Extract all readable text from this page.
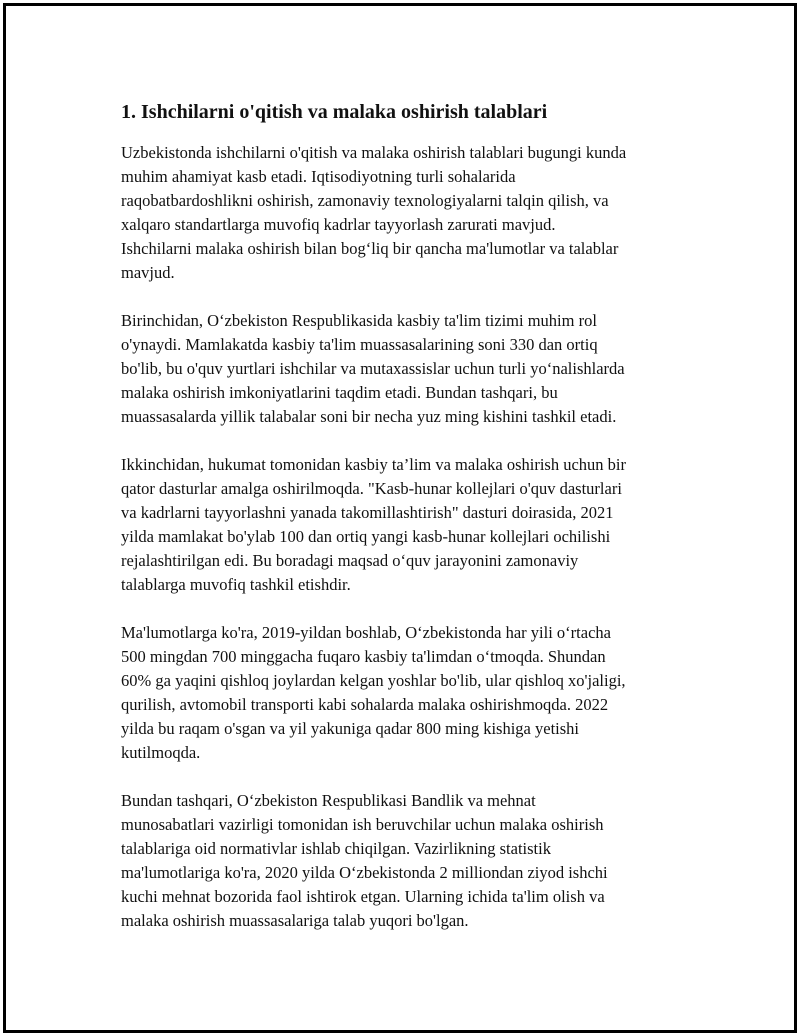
1. Ishchilarni o'qitish va malaka oshirish talablari

Uzbekistonda ishchilarni o'qitish va malaka oshirish talablari bugungi kunda
muhim ahamiyat kasb etadi. Iqtisodiyotning turli sohalarida
raqobatbardoshlikni oshirish, zamonaviy texnologiyalarni talqin qilish, va
xalqaro standartlarga muvofiq kadrlar tayyorlash zarurati mavjud.
Ishchilarni malaka oshirish bilan bog‘liq bir qancha ma'lumotlar va talablar
mavjud.

Birinchidan, O‘zbekiston Respublikasida kasbiy ta'lim tizimi muhim rol
o'ynaydi. Mamlakatda kasbiy ta'lim muassasalarining soni 330 dan ortiq
bo'lib, bu o'quv yurtlari ishchilar va mutaxassislar uchun turli yo‘nalishlarda
malaka oshirish imkoniyatlarini taqdim etadi. Bundan tashqari, bu
muassasalarda yillik talabalar soni bir necha yuz ming kishini tashkil etadi.

Ikkinchidan, hukumat tomonidan kasbiy ta’lim va malaka oshirish uchun bir
qator dasturlar amalga oshirilmoqda. "Kasb-hunar kollejlari o'quv dasturlari
va kadrlarni tayyorlashni yanada takomillashtirish" dasturi doirasida, 2021
yilda mamlakat bo'ylab 100 dan ortiq yangi kasb-hunar kollejlari ochilishi
rejalashtirilgan edi. Bu boradagi maqsad o‘quv jarayonini zamonaviy
talablarga muvofiq tashkil etishdir.

Ma'lumotlarga ko'ra, 2019-yildan boshlab, O‘zbekistonda har yili o‘rtacha
500 mingdan 700 minggacha fuqaro kasbiy ta'limdan o‘tmoqda. Shundan
60% ga yaqini qishloq joylardan kelgan yoshlar bo'lib, ular qishloq xo'jaligi,
qurilish, avtomobil transporti kabi sohalarda malaka oshirishmoqda. 2022
yilda bu raqam o'sgan va yil yakuniga qadar 800 ming kishiga yetishi
kutilmoqda.

Bundan tashqari, O‘zbekiston Respublikasi Bandlik va mehnat
munosabatlari vazirligi tomonidan ish beruvchilar uchun malaka oshirish
talablariga oid normativlar ishlab chiqilgan. Vazirlikning statistik
ma'lumotlariga ko'ra, 2020 yilda O‘zbekistonda 2 milliondan ziyod ishchi
kuchi mehnat bozorida faol ishtirok etgan. Ularning ichida ta'lim olish va
malaka oshirish muassasalariga talab yuqori bo'lgan.
